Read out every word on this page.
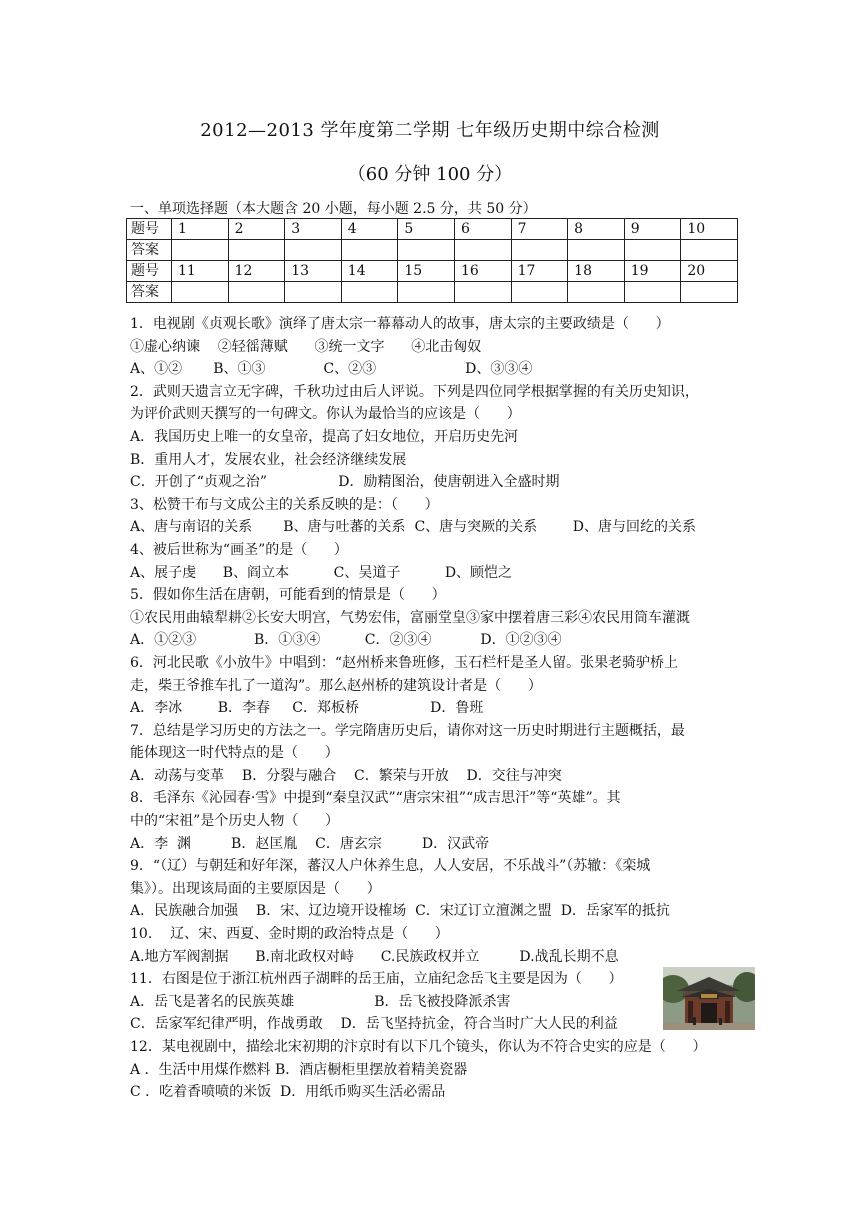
2012—2013 学年度第二学期 七年级历史期中综合检测
（60 分钟 100 分）
一、单项选择题（本大题含 20 小题，每小题 2.5 分，共 50 分）
题号	1	2	3	4	5	6	7	8	9	10
答案										
题号	11	12	13	14	15	16	17	18	19	20
答案										
1．电视剧《贞观长歌》演绎了唐太宗一幕幕动人的故事，唐太宗的主要政绩是（      ）
①虚心纳谏    ②轻徭薄赋      ③统一文字      ④北击匈奴
A、①②       B、①③             C、②③                    D、③③④
2．武则天遗言立无字碑，千秋功过由后人评说。下列是四位同学根据掌握的有关历史知识，
为评价武则天撰写的一句碑文。你认为最恰当的应该是（      ）
A．我国历史上唯一的女皇帝，提高了妇女地位，开启历史先河
B．重用人才，发展农业，社会经济继续发展
C．开创了“贞观之治”                D．励精图治，使唐朝进入全盛时期
3、松赞干布与文成公主的关系反映的是：（      ）
A、唐与南诏的关系       B、唐与吐蕃的关系  C、唐与突厥的关系        D、唐与回纥的关系
4、被后世称为“画圣”的是（      ）
A、展子虔      B、阎立本          C、吴道子          D、顾恺之
5．假如你生活在唐朝，可能看到的情景是（      ）
①农民用曲辕犁耕②长安大明宫，气势宏伟，富丽堂皇③家中摆着唐三彩④农民用筒车灌溉
A．①②③             B．①③④          C．②③④           D．①②③④
6．河北民歌《小放牛》中唱到：“赵州桥来鲁班修，玉石栏杆是圣人留。张果老骑驴桥上
走，柴王爷推车扎了一道沟”。那么赵州桥的建筑设计者是（      ）
A．李冰        B．李春     C．郑板桥                D．鲁班
7．总结是学习历史的方法之一。学完隋唐历史后，请你对这一历史时期进行主题概括，最
能体现这一时代特点的是（      ）
A．动荡与变革    B．分裂与融合    C．繁荣与开放    D．交往与冲突
8．毛泽东《沁园春·雪》中提到“秦皇汉武”“唐宗宋祖”“成吉思汗”等“英雄”。其
中的“宋祖”是个历史人物（      ）
A．李  渊         B．赵匡胤    C．唐玄宗         D．汉武帝
9．“（辽）与朝廷和好年深，蕃汉人户休养生息，人人安居，不乐战斗”（苏辙：《栾城
集》）。出现该局面的主要原因是（      ）
A．民族融合加强    B．宋、辽边境开设榷场  C．宋辽订立澶渊之盟  D．岳家军的抵抗
10.    辽、宋、西夏、金时期的政治特点是（      ）
A.地方军阀割据      B.南北政权对峙      C.民族政权并立         D.战乱长期不息
11．右图是位于浙江杭州西子湖畔的岳王庙，立庙纪念岳飞主要是因为（      ）
A．岳飞是著名的民族英雄                  B．岳飞被投降派杀害
C．岳家军纪律严明，作战勇敢    D．岳飞坚持抗金，符合当时广大人民的利益
12．某电视剧中，描绘北宋初期的汴京时有以下几个镜头，你认为不符合史实的应是（      ）
A ．生活中用煤作燃料 B．酒店橱柜里摆放着精美瓷器
C ．吃着香喷喷的米饭  D．用纸币购买生活必需品
